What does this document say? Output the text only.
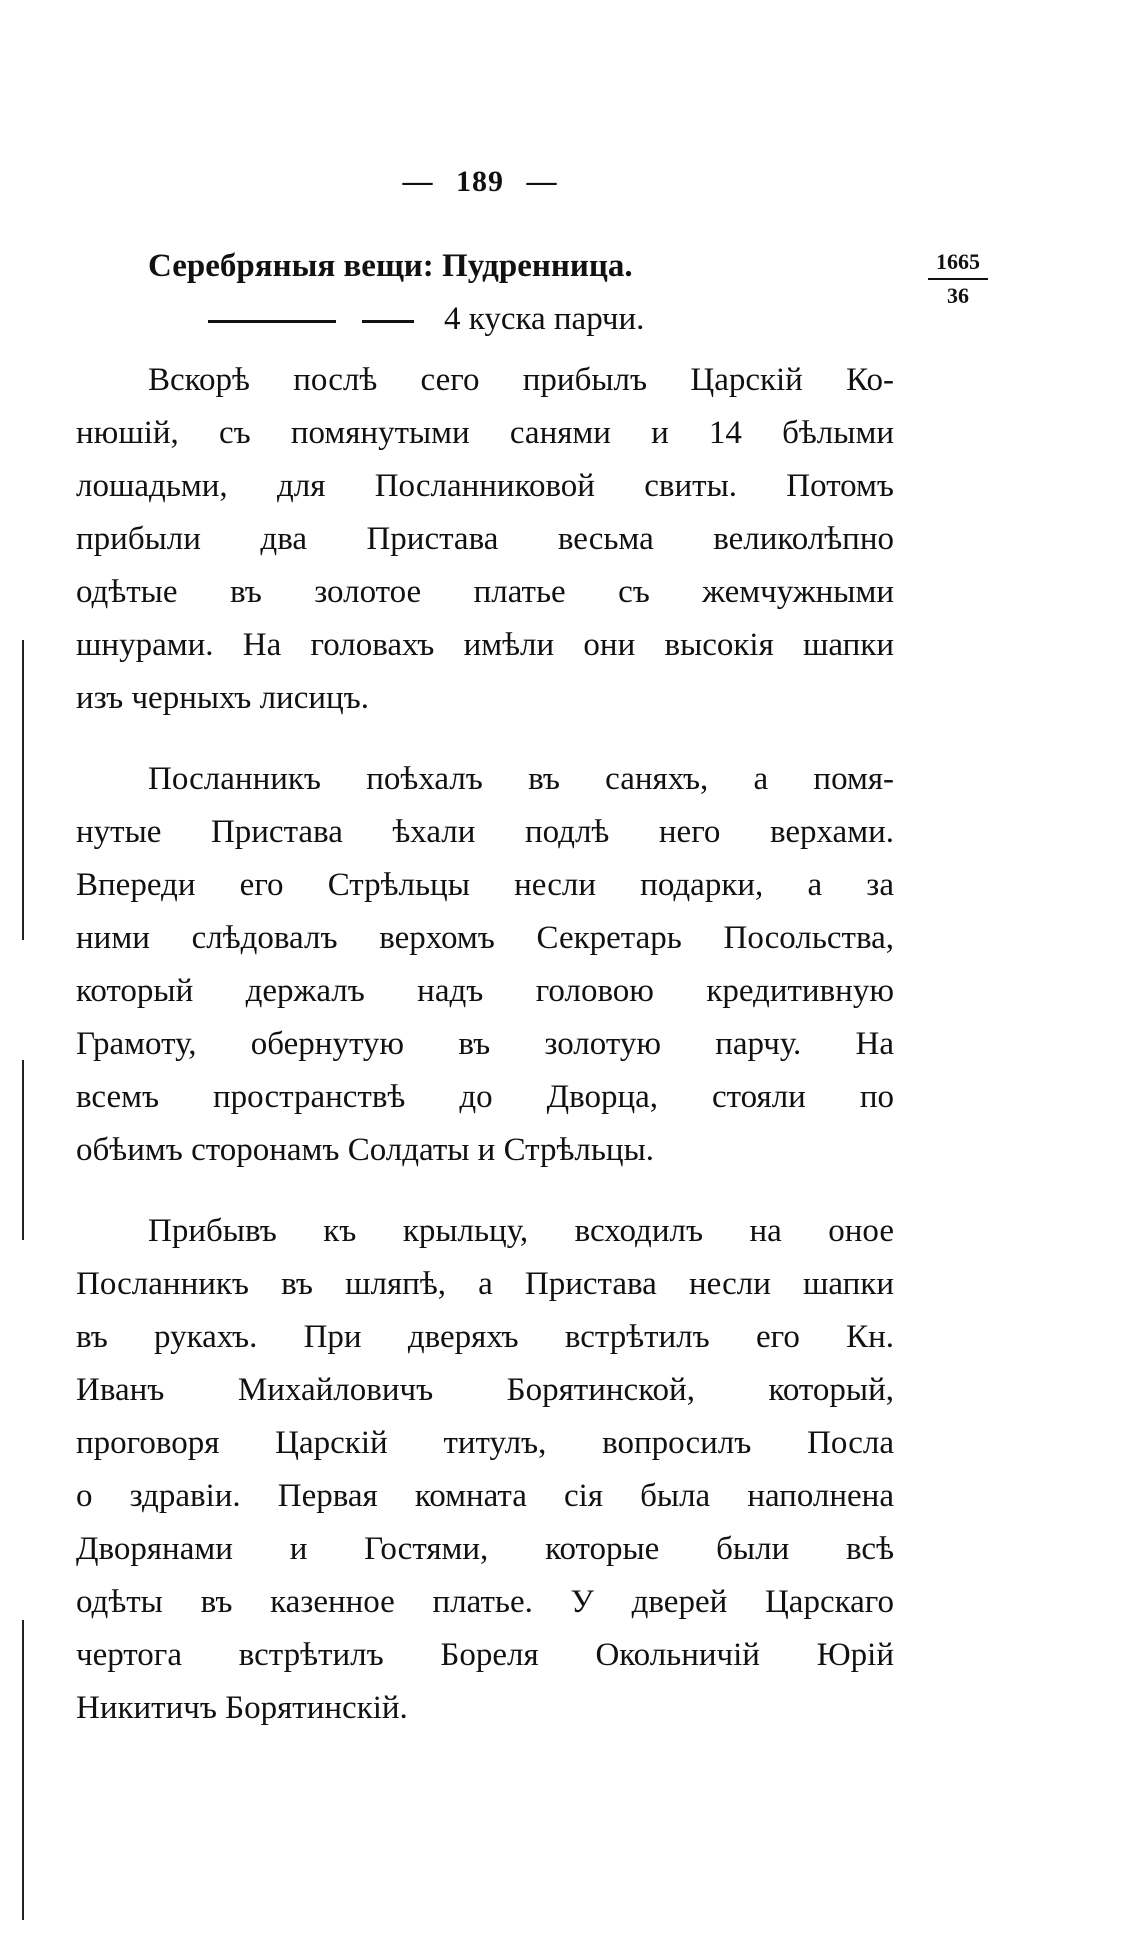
— 189 —
1665
36
Серебряныя вещи: Пудренница.
4 куска парчи.
Вскорѣ послѣ сего прибылъ Царскій Ко-
нюшій, съ помянутыми санями и 14 бѣлыми
лошадьми, для Посланниковой свиты. Потомъ
прибыли два Пристава весьма великолѣпно
одѣтые въ золотое платье съ жемчужными
шнурами. На головахъ имѣли они высокія шапки
изъ черныхъ лисицъ.
Посланникъ поѣхалъ въ саняхъ, а помя-
нутые Пристава ѣхали подлѣ него верхами.
Впереди его Стрѣльцы несли подарки, а за
ними слѣдовалъ верхомъ Секретарь Посольства,
который держалъ надъ головою кредитивную
Грамоту, обернутую въ золотую парчу. На
всемъ пространствѣ до Дворца, стояли по
обѣимъ сторонамъ Солдаты и Стрѣльцы.
Прибывъ къ крыльцу, всходилъ на оное
Посланникъ въ шляпѣ, а Пристава несли шапки
въ рукахъ. При дверяхъ встрѣтилъ его Кн.
Иванъ Михайловичъ Борятинской, который,
проговоря Царскій титулъ, вопросилъ Посла
о здравіи. Первая комната сія была наполнена
Дворянами и Гостями, которые были всѣ
одѣты въ казенное платье. У дверей Царскаго
чертога встрѣтилъ Бореля Окольничій Юрій
Никитичъ Борятинскій.
